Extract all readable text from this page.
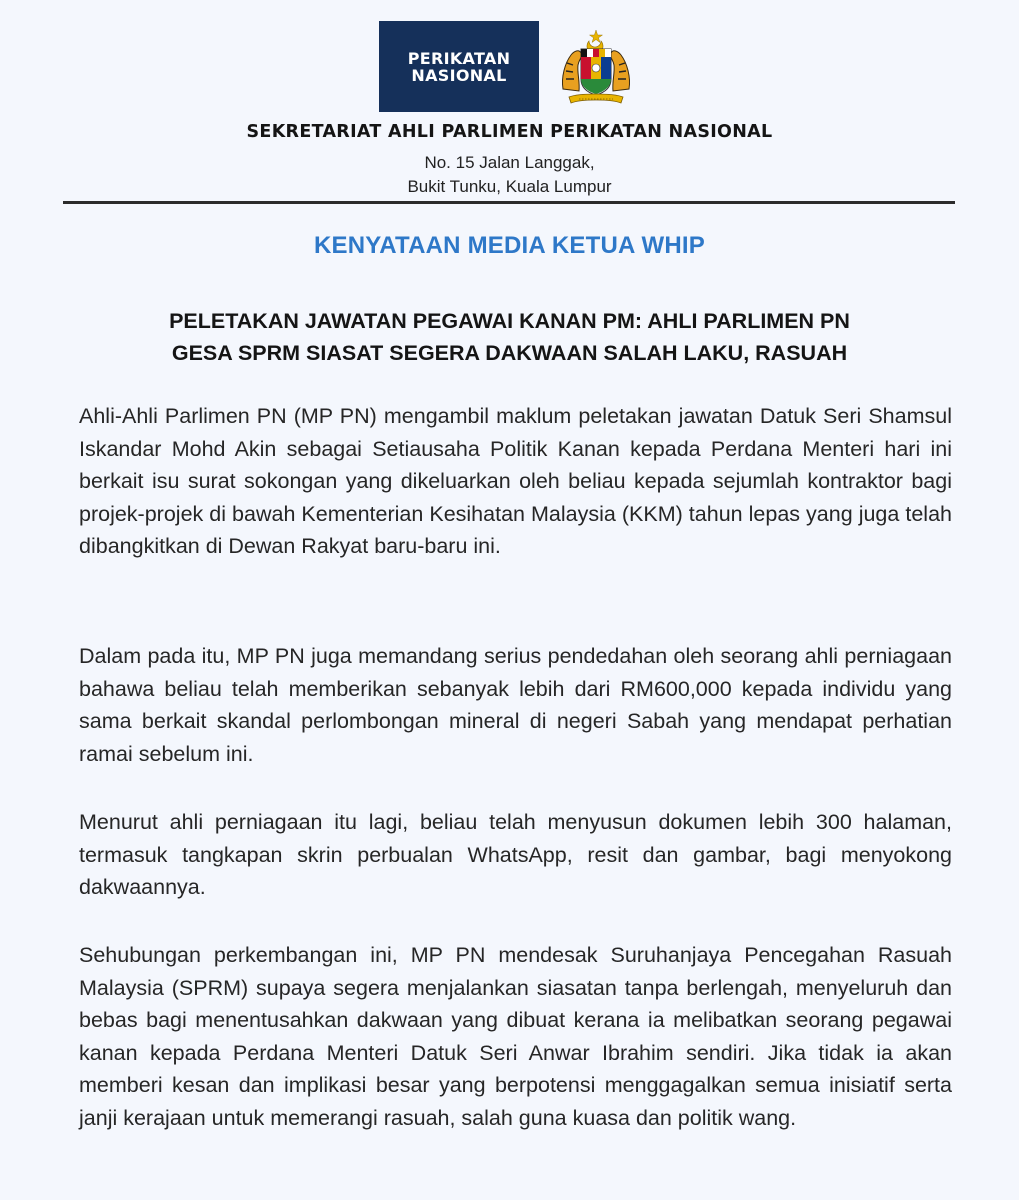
PERIKATAN
NASIONAL
SEKRETARIAT AHLI PARLIMEN PERIKATAN NASIONAL
No. 15 Jalan Langgak,
Bukit Tunku, Kuala Lumpur
KENYATAAN MEDIA KETUA WHIP
PELETAKAN JAWATAN PEGAWAI KANAN PM: AHLI PARLIMEN PN
GESA SPRM SIASAT SEGERA DAKWAAN SALAH LAKU, RASUAH

Ahli-Ahli Parlimen PN (MP PN) mengambil maklum peletakan jawatan Datuk Seri Shamsul Iskandar Mohd Akin sebagai Setiausaha Politik Kanan kepada Perdana Menteri hari ini berkait isu surat sokongan yang dikeluarkan oleh beliau kepada sejumlah kontraktor bagi projek-projek di bawah Kementerian Kesihatan Malaysia (KKM) tahun lepas yang juga telah dibangkitkan di Dewan Rakyat baru-baru ini.

Dalam pada itu, MP PN juga memandang serius pendedahan oleh seorang ahli perniagaan bahawa beliau telah memberikan sebanyak lebih dari RM600,000 kepada individu yang sama berkait skandal perlombongan mineral di negeri Sabah yang mendapat perhatian ramai sebelum ini.

Menurut ahli perniagaan itu lagi, beliau telah menyusun dokumen lebih 300 halaman, termasuk tangkapan skrin perbualan WhatsApp, resit dan gambar, bagi menyokong dakwaannya.

Sehubungan perkembangan ini, MP PN mendesak Suruhanjaya Pencegahan Rasuah Malaysia (SPRM) supaya segera menjalankan siasatan tanpa berlengah, menyeluruh dan bebas bagi menentusahkan dakwaan yang dibuat kerana ia melibatkan seorang pegawai kanan kepada Perdana Menteri Datuk Seri Anwar Ibrahim sendiri. Jika tidak ia akan memberi kesan dan implikasi besar yang berpotensi menggagalkan semua inisiatif serta janji kerajaan untuk memerangi rasuah, salah guna kuasa dan politik wang.
